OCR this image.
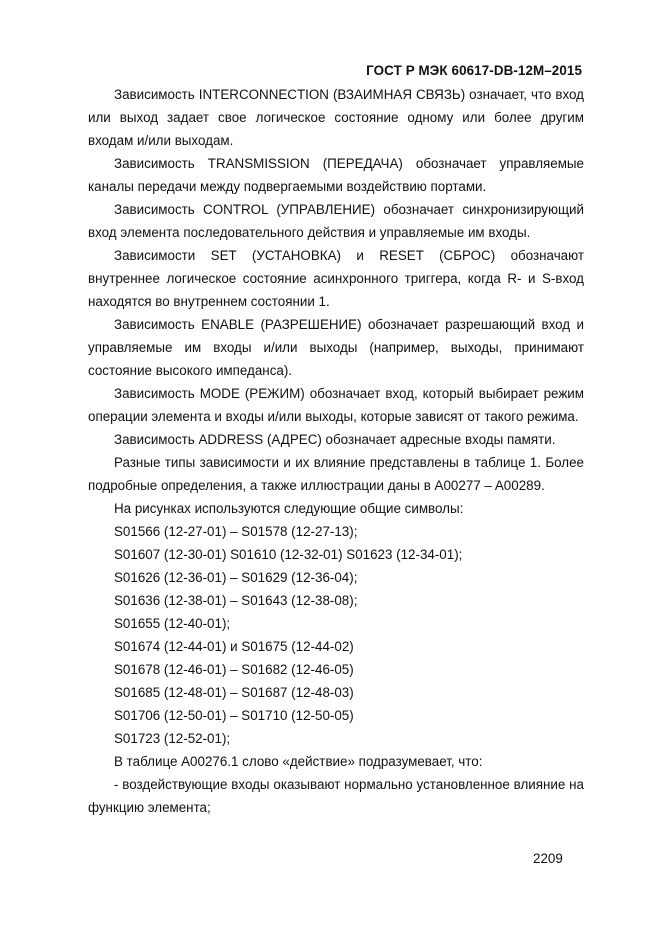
ГОСТ Р МЭК 60617-DB-12M–2015

Зависимость INTERCONNECTION (ВЗАИМНАЯ СВЯЗЬ) означает, что вход или выход задает свое логическое состояние одному или более другим входам и/или выходам.

Зависимость TRANSMISSION (ПЕРЕДАЧА) обозначает управляемые каналы передачи между подвергаемыми воздействию портами.

Зависимость CONTROL (УПРАВЛЕНИЕ) обозначает синхронизирующий вход элемента последовательного действия и управляемые им входы.

Зависимости SET (УСТАНОВКА) и RESET (СБРОС) обозначают внутреннее логическое состояние асинхронного триггера, когда R- и S-вход находятся во внутреннем состоянии 1.

Зависимость ENABLE (РАЗРЕШЕНИЕ) обозначает разрешающий вход и управляемые им входы и/или выходы (например, выходы, принимают состояние высокого импеданса).

Зависимость MODE (РЕЖИМ) обозначает вход, который выбирает режим операции элемента и входы и/или выходы, которые зависят от такого режима.

Зависимость ADDRESS (АДРЕС) обозначает адресные входы памяти.

Разные типы зависимости и их влияние представлены в таблице 1. Более подробные определения, а также иллюстрации даны в A00277 – A00289.

На рисунках используются следующие общие символы:

S01566 (12-27-01) – S01578 (12-27-13);

S01607 (12-30-01) S01610 (12-32-01) S01623 (12-34-01);

S01626 (12-36-01) – S01629 (12-36-04);

S01636 (12-38-01) – S01643 (12-38-08);

S01655 (12-40-01);

S01674 (12-44-01) и S01675 (12-44-02)

S01678 (12-46-01) – S01682 (12-46-05)

S01685 (12-48-01) – S01687 (12-48-03)

S01706 (12-50-01) – S01710 (12-50-05)

S01723 (12-52-01);

В таблице A00276.1 слово «действие» подразумевает, что:

- воздействующие входы оказывают нормально установленное влияние на функцию элемента;

2209
